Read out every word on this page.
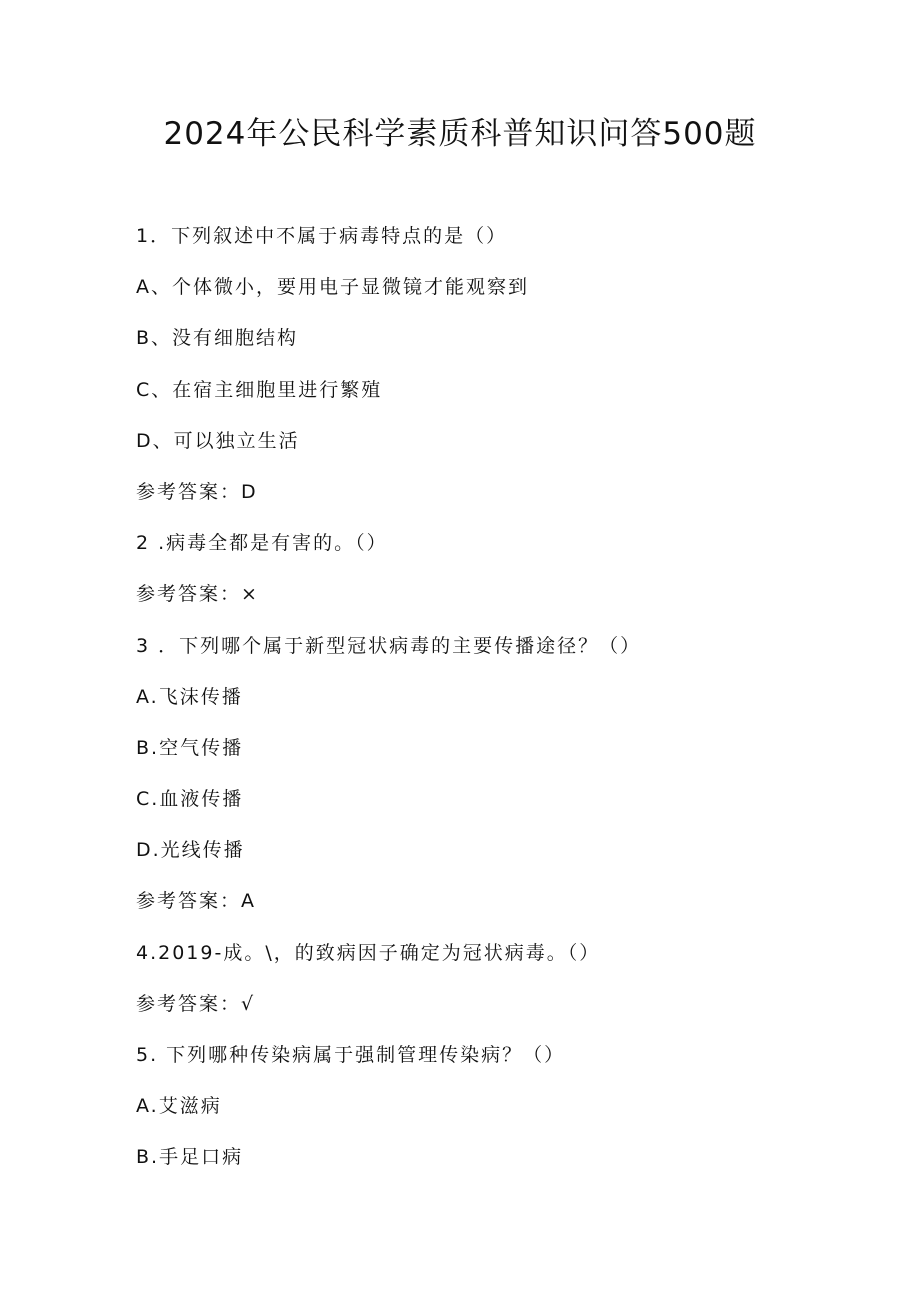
2024年公民科学素质科普知识问答500题
1．下列叙述中不属于病毒特点的是（）
A、个体微小，要用电子显微镜才能观察到
B、没有细胞结构
C、在宿主细胞里进行繁殖
D、可以独立生活
参考答案：D
2 .病毒全都是有害的。（）
参考答案：×
3 ．下列哪个属于新型冠状病毒的主要传播途径？（）
A.飞沫传播
B.空气传播
C.血液传播
D.光线传播
参考答案：A
4.2019-成。\，的致病因子确定为冠状病毒。（）
参考答案：√
5. 下列哪种传染病属于强制管理传染病？（）
A.艾滋病
B.手足口病
